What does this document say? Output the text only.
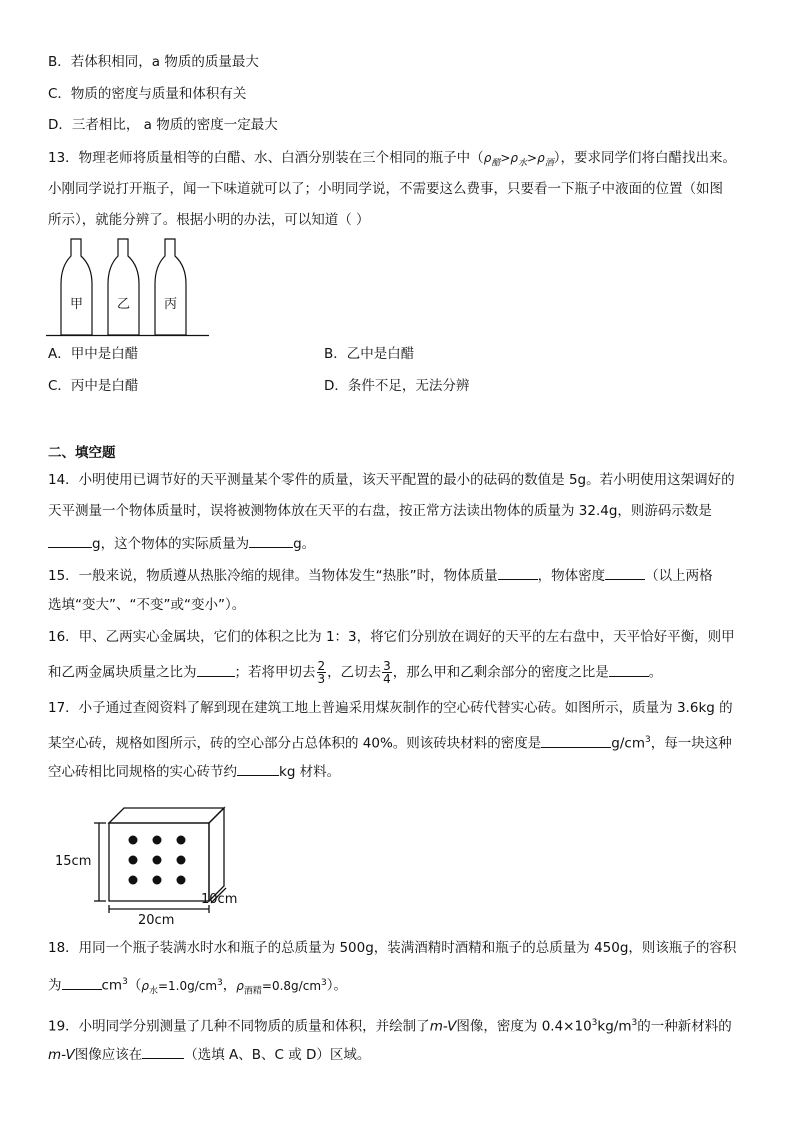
B．若体积相同，a 物质的质量最大
C．物质的密度与质量和体积有关
D．三者相比， a 物质的密度一定最大
13．物理老师将质量相等的白醋、水、白酒分别装在三个相同的瓶子中$(\rho_醋>\rho_水>\rho_酒)$，要求同学们将白醋找出来。
小刚同学说打开瓶子，闻一下味道就可以了；小明同学说，不需要这么费事，只要看一下瓶子中液面的位置（如图
所示），就能分辨了。根据小明的办法，可以知道（ ）
甲	乙	丙
A．甲中是白醋	B．乙中是白醋
C．丙中是白醋	D．条件不足，无法分辨
二、填空题
14．小明使用已调节好的天平测量某个零件的质量，该天平配置的最小的砝码的数值是 5g。若小明使用这架调好的
天平测量一个物体质量时，误将被测物体放在天平的右盘，按正常方法读出物体的质量为 32.4g，则游码示数是
g，这个物体的实际质量为	g。
15．一般来说，物质遵从热胀冷缩的规律。当物体发生“热胀”时，物体质量	，物体密度	（以上两格
选填“变大”、“不变”或“变小”）。
16．甲、乙两实心金属块，它们的体积之比为 1：3，将它们分别放在调好的天平的左右盘中，天平恰好平衡，则甲
和乙两金属块质量之比为	；若将甲切去 $\frac{2}{3}$ ，乙切去 $\frac{3}{4}$ ，那么甲和乙剩余部分的密度之比是	。
17．小子通过查阅资料了解到现在建筑工地上普遍采用煤灰制作的空心砖代替实心砖。如图所示，质量为 3.6kg 的
某空心砖，规格如图所示，砖的空心部分占总体积的 40%。则该砖块材料的密度是	$g/cm^3$，每一块这种
空心砖相比同规格的实心砖节约	kg 材料。
15cm
20cm
10cm
18．用同一个瓶子装满水时水和瓶子的总质量为 500g，装满酒精时酒精和瓶子的总质量为 450g，则该瓶子的容积
为	$cm^3(\rho_水=1.0g/cm^3$，$\rho_{酒精}=0.8g/cm^3$）。
19．小明同学分别测量了几种不同物质的质量和体积，并绘制了m-V图像，密度为 $0.4\times 10^3kg/m^3$的一种新材料的
m-V图像应该在	（选填 A、B、C 或 D）区域。
